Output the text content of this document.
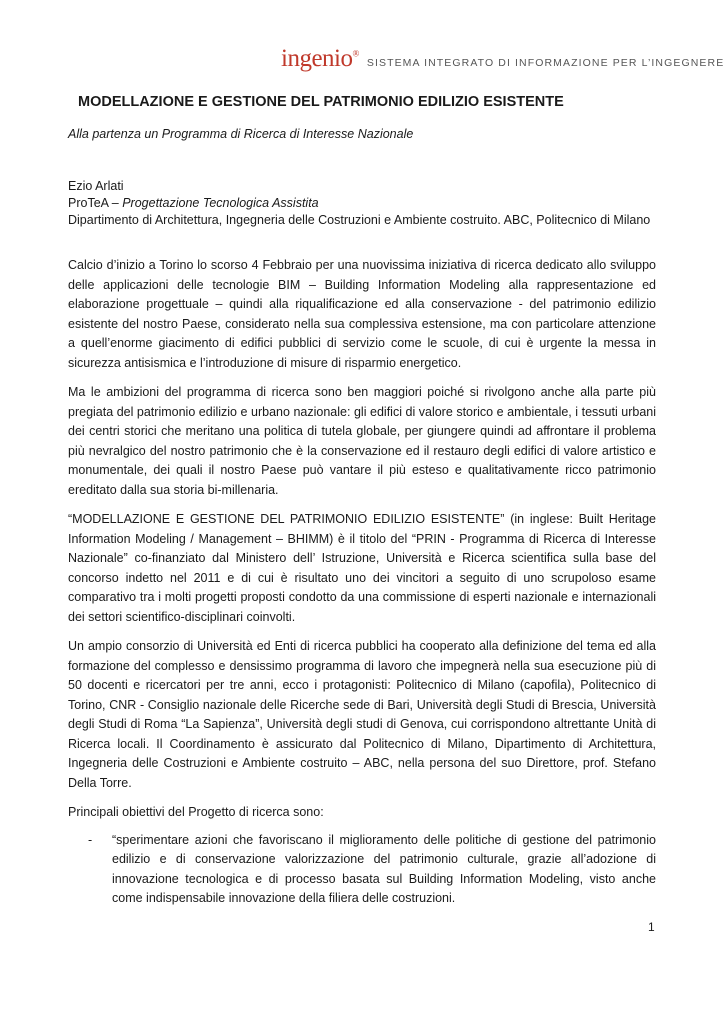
ingenio®
SISTEMA INTEGRATO DI INFORMAZIONE PER L’INGEGNERE
MODELLAZIONE E GESTIONE DEL PATRIMONIO EDILIZIO ESISTENTE
Alla partenza un Programma di Ricerca di Interesse Nazionale
Ezio Arlati
ProTeA – Progettazione Tecnologica Assistita
Dipartimento di Architettura, Ingegneria delle Costruzioni e Ambiente costruito. ABC, Politecnico di Milano

Calcio d’inizio a Torino lo scorso 4 Febbraio per una nuovissima iniziativa di ricerca dedicato allo sviluppo delle applicazioni delle tecnologie BIM – Building Information Modeling alla rappresentazione ed elaborazione progettuale – quindi alla riqualificazione ed alla conservazione - del patrimonio edilizio esistente del nostro Paese, considerato nella sua complessiva estensione, ma con particolare attenzione a quell’enorme giacimento di edifici pubblici di servizio come le scuole, di cui è urgente la messa in sicurezza antisismica e l’introduzione di misure di risparmio energetico.

Ma le ambizioni del programma di ricerca sono ben maggiori poiché si rivolgono anche alla parte più pregiata del patrimonio edilizio e urbano nazionale: gli edifici di valore storico e ambientale, i tessuti urbani dei centri storici che meritano una politica di tutela globale, per giungere quindi ad affrontare il problema più nevralgico del nostro patrimonio che è la conservazione ed il restauro degli edifici di valore artistico e monumentale, dei quali il nostro Paese può vantare il più esteso e qualitativamente ricco patrimonio ereditato dalla sua storia bi-millenaria.

“MODELLAZIONE E GESTIONE DEL PATRIMONIO EDILIZIO ESISTENTE” (in inglese: Built Heritage Information Modeling / Management – BHIMM) è il titolo del “PRIN - Programma di Ricerca di Interesse Nazionale” co-finanziato dal Ministero dell’ Istruzione, Università e Ricerca scientifica sulla base del concorso indetto nel 2011 e di cui è risultato uno dei vincitori a seguito di uno scrupoloso esame comparativo tra i molti progetti proposti condotto da una commissione di esperti nazionale e internazionali dei settori scientifico-disciplinari coinvolti.

Un ampio consorzio di Università ed Enti di ricerca pubblici ha cooperato alla definizione del tema ed alla formazione del complesso e densissimo programma di lavoro che impegnerà nella sua esecuzione più di 50 docenti e ricercatori per tre anni, ecco i protagonisti: Politecnico di Milano (capofila), Politecnico di Torino, CNR - Consiglio nazionale delle Ricerche sede di Bari, Università degli Studi di Brescia, Università degli Studi di Roma “La Sapienza”, Università degli studi di Genova, cui corrispondono altrettante Unità di Ricerca locali. Il Coordinamento è assicurato dal Politecnico di Milano, Dipartimento di Architettura, Ingegneria delle Costruzioni e Ambiente costruito – ABC, nella persona del suo Direttore, prof. Stefano Della Torre.

Principali obiettivi del Progetto di ricerca sono:

- “sperimentare azioni che favoriscano il miglioramento delle politiche di gestione del patrimonio edilizio e di conservazione valorizzazione del patrimonio culturale, grazie all’adozione di innovazione tecnologica e di processo basata sul Building Information Modeling, visto anche come indispensabile innovazione della filiera delle costruzioni.
1
